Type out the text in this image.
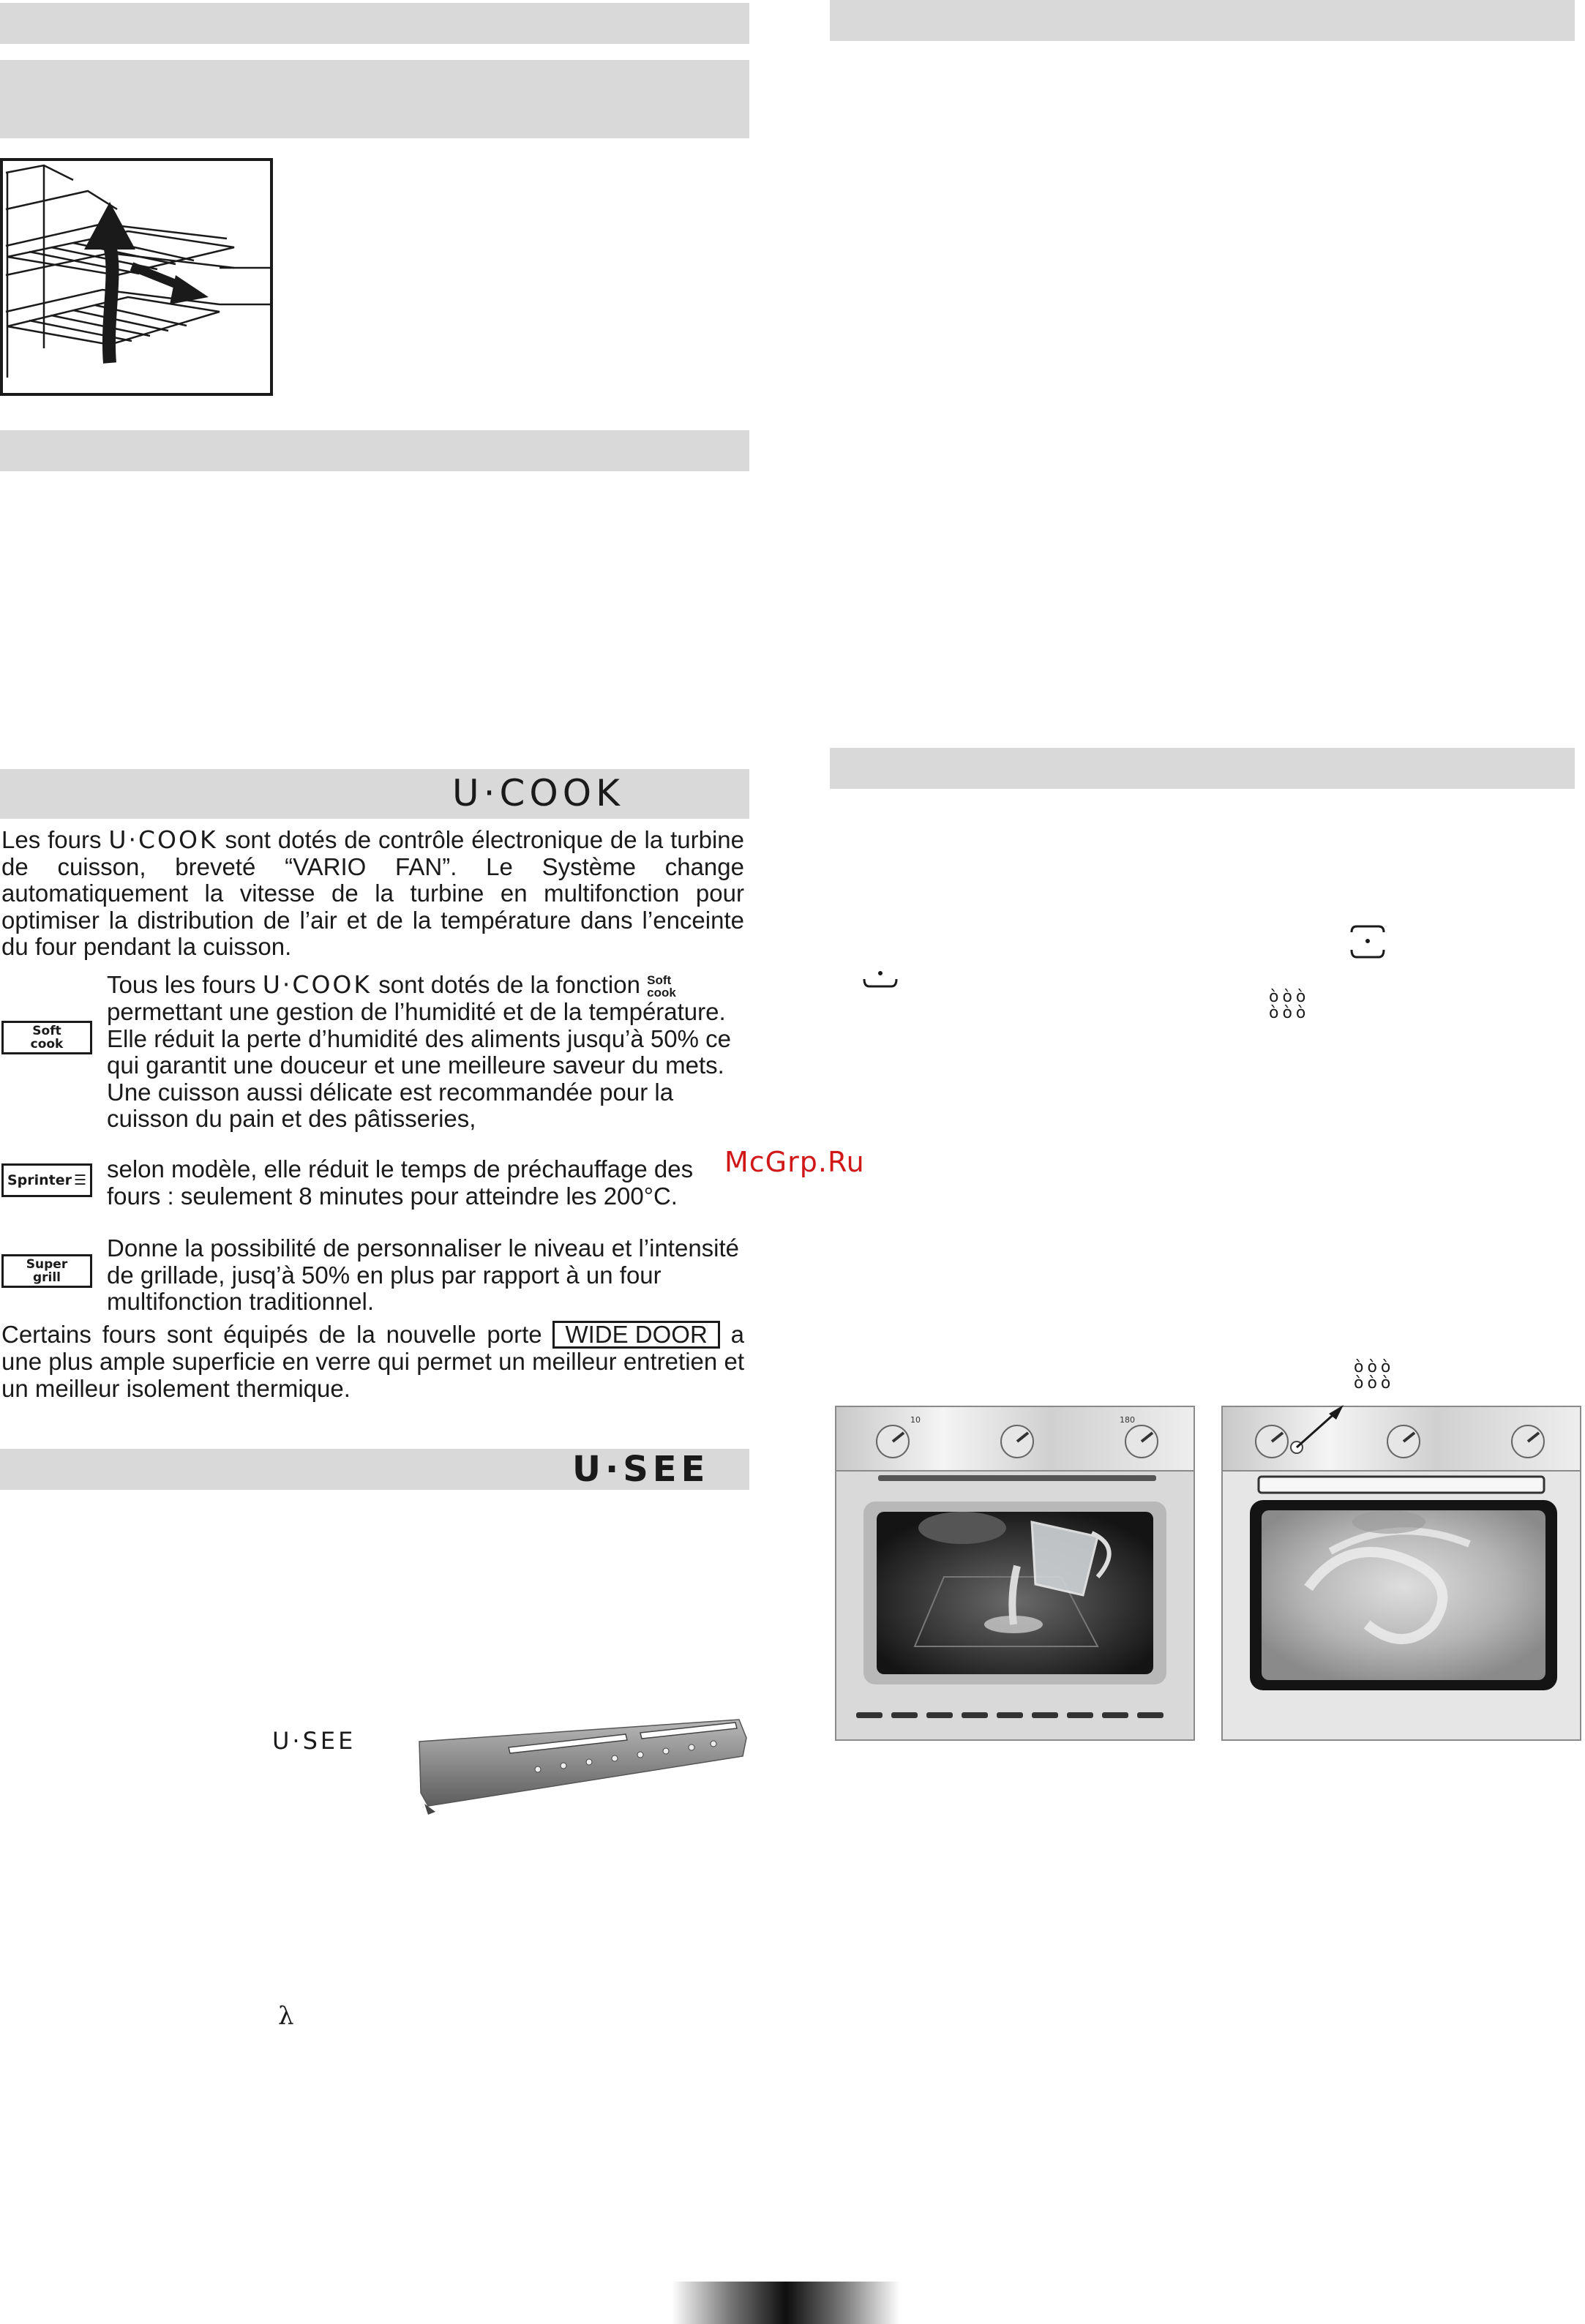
U·COOK
Les fours U·COOK sont dotés de contrôle électronique de la turbine de cuisson, breveté “VARIO FAN”. Le Système change automatiquement la vitesse de la turbine en multifonction pour optimiser la distribution de l’air et de la température dans l’enceinte du four pendant la cuisson.
Tous les fours U·COOK sont dotés de la fonction Soft
cook
permettant une gestion de l’humidité et de la température. Elle réduit la perte d’humidité des aliments jusqu’à 50% ce qui garantit une douceur et une meilleure saveur du mets. Une cuisson aussi délicate est recommandée pour la cuisson du pain et des pâtisseries,
Soft
cook
selon modèle, elle réduit le temps de préchauffage des fours : seulement 8 minutes pour atteindre les 200°C.
Sprinter ☰
Donne la possibilité de personnaliser le niveau et l’intensité de grillade, jusq’à 50% en plus par rapport à un four multifonction traditionnel.
Super
grill
Certains fours sont équipés de la nouvelle porte WIDE DOOR a une plus ample superficie en verre qui permet un meilleur entretien et un meilleur isolement thermique.
U·SEE
U·SEE
λ
ò ò ò
ò ò ò
McGrp.Ru
ò ò ò
ò ò ò
10	180
